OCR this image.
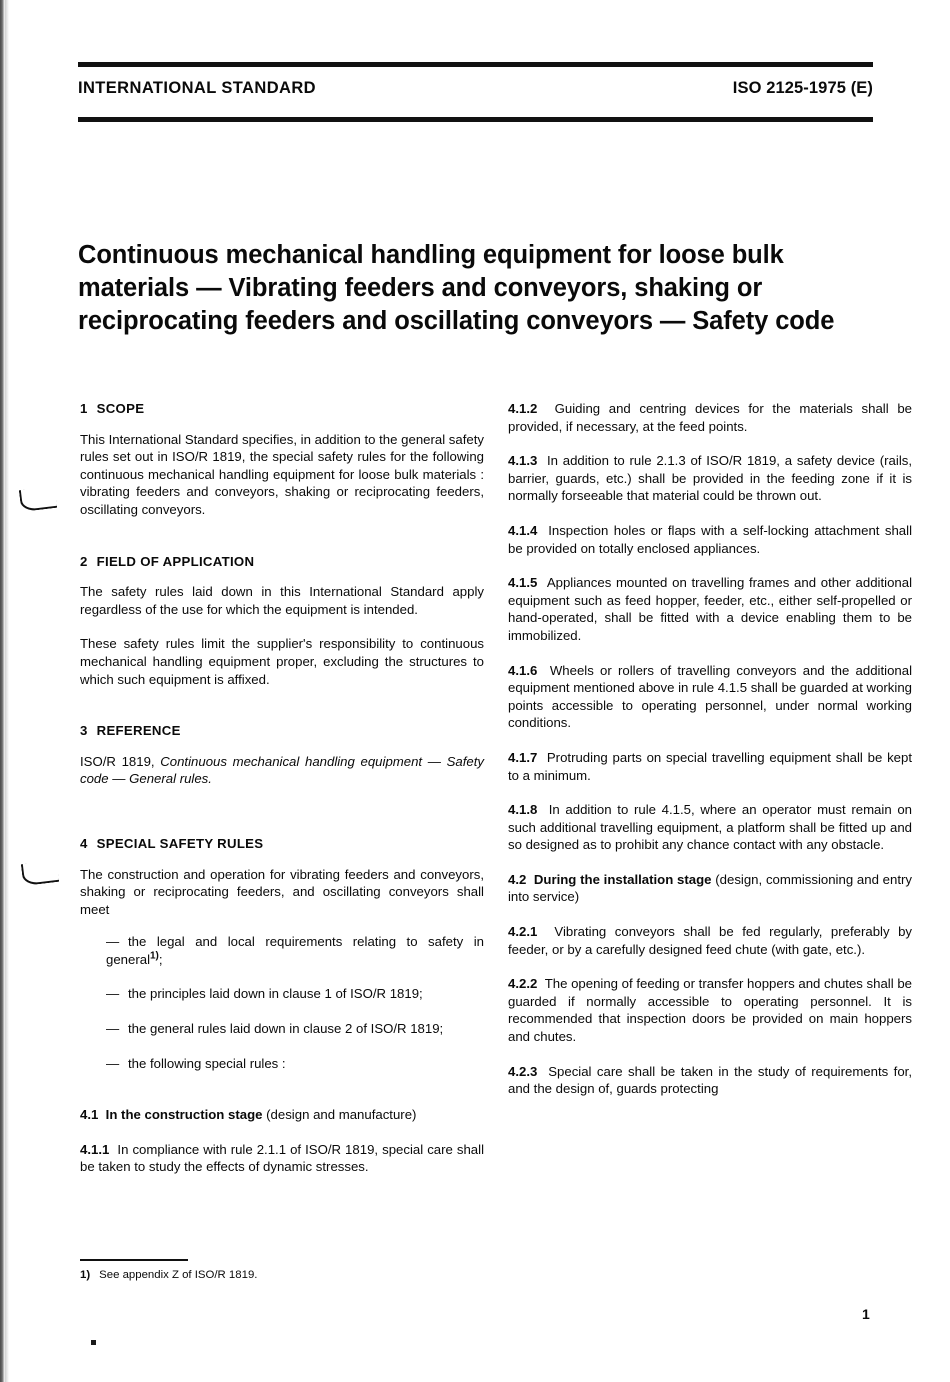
INTERNATIONAL STANDARD	ISO 2125-1975 (E)
Continuous mechanical handling equipment for loose bulk
materials — Vibrating feeders and conveyors, shaking or
reciprocating feeders and oscillating conveyors — Safety code
1 SCOPE

This International Standard specifies, in addition to the general safety rules set out in ISO/R 1819, the special safety rules for the following continuous mechanical handling equipment for loose bulk materials : vibrating feeders and conveyors, shaking or reciprocating feeders, oscillating conveyors.

2 FIELD OF APPLICATION

The safety rules laid down in this International Standard apply regardless of the use for which the equipment is intended.

These safety rules limit the supplier's responsibility to continuous mechanical handling equipment proper, excluding the structures to which such equipment is affixed.

3 REFERENCE

ISO/R 1819, Continuous mechanical handling equipment — Safety code — General rules.

4 SPECIAL SAFETY RULES

The construction and operation for vibrating feeders and conveyors, shaking or reciprocating feeders, and oscillating conveyors shall meet

— the legal and local requirements relating to safety in general$^{1)}$;
— the principles laid down in clause 1 of ISO/R 1819;
— the general rules laid down in clause 2 of ISO/R 1819;
— the following special rules :

4.1 In the construction stage (design and manufacture)

4.1.1 In compliance with rule 2.1.1 of ISO/R 1819, special care shall be taken to study the effects of dynamic stresses.

4.1.2 Guiding and centring devices for the materials shall be provided, if necessary, at the feed points.

4.1.3 In addition to rule 2.1.3 of ISO/R 1819, a safety device (rails, barrier, guards, etc.) shall be provided in the feeding zone if it is normally forseeable that material could be thrown out.

4.1.4 Inspection holes or flaps with a self-locking attachment shall be provided on totally enclosed appliances.

4.1.5 Appliances mounted on travelling frames and other additional equipment such as feed hopper, feeder, etc., either self-propelled or hand-operated, shall be fitted with a device enabling them to be immobilized.

4.1.6 Wheels or rollers of travelling conveyors and the additional equipment mentioned above in rule 4.1.5 shall be guarded at working points accessible to operating personnel, under normal working conditions.

4.1.7 Protruding parts on special travelling equipment shall be kept to a minimum.

4.1.8 In addition to rule 4.1.5, where an operator must remain on such additional travelling equipment, a platform shall be fitted up and so designed as to prohibit any chance contact with any obstacle.

4.2 During the installation stage (design, commissioning and entry into service)

4.2.1 Vibrating conveyors shall be fed regularly, preferably by feeder, or by a carefully designed feed chute (with gate, etc.).

4.2.2 The opening of feeding or transfer hoppers and chutes shall be guarded if normally accessible to operating personnel. It is recommended that inspection doors be provided on main hoppers and chutes.

4.2.3 Special care shall be taken in the study of requirements for, and the design of, guards protecting

1) See appendix Z of ISO/R 1819.
1
